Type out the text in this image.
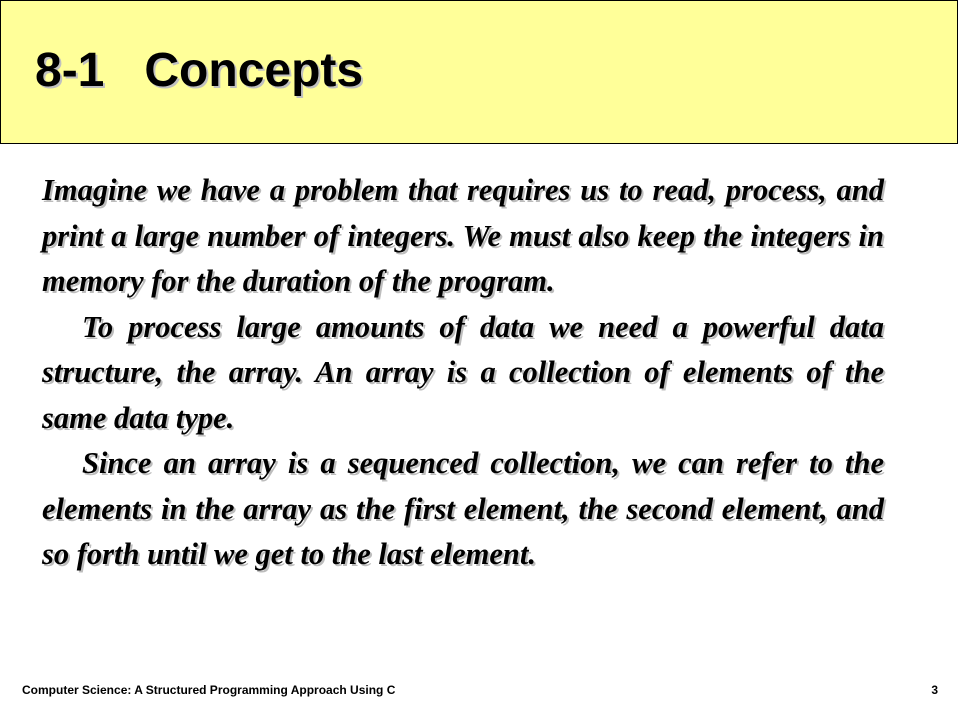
8-1   Concepts

Imagine we have a problem that requires us to read, process, and print a large number of integers. We must also keep the integers in memory for the duration of the program.

To process large amounts of data we need a powerful data structure, the array. An array is a collection of elements of the same data type.

Since an array is a sequenced collection, we can refer to the elements in the array as the first element, the second element, and so forth until we get to the last element.

Computer Science: A Structured Programming Approach Using C	3
